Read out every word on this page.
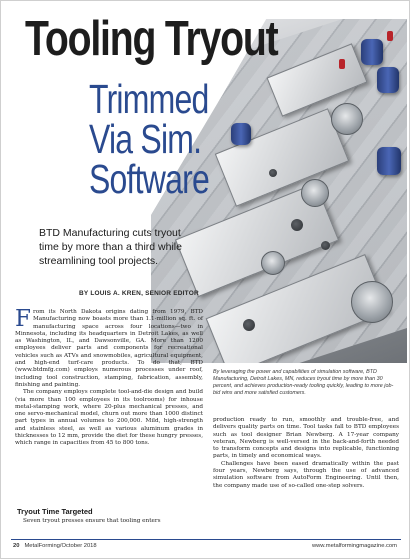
Tooling Tryout
Trimmed
Via Sim.
Software

BTD Manufacturing cuts tryout time by more than a third while streamlining tool projects.

BY LOUIS A. KREN, SENIOR EDITOR

By leveraging the power and capabilities of simulation software, BTD Manufacturing, Detroit Lakes, MN, reduces tryout time by more than 30 percent, and achieves production-ready tooling quickly, leading to more job-bid wins and more satisfied customers.

From its North Dakota origins dating from 1979, BTD Manufacturing now boasts more than 1.1-million sq. ft. of manufacturing space across four locations—two in Minnesota, including its headquarters in Detroit Lakes, as well as Washington, IL, and Dawsonville, GA. More than 1200 employees deliver parts and components for recreational vehicles such as ATVs and snowmobiles, agricultural equipment, and high-end turf-care products. To do that, BTD (www.btdmfg.com) employs numerous processes under roof, including tool construction, stamping, fabrication, assembly, finishing and painting.

The company employs complete tool-and-die design and build (via more than 100 employees in its toolrooms) for inhouse metal-stamping work, where 20-plus mechanical presses, and one servo-mechanical model, churn out more than 1000 distinct part types in annual volumes to 200,000. Mild, high-strength and stainless steel, as well as various aluminum grades in thicknesses to 12 mm, provide the diet for these hungry presses, which range in capacities from 45 to 800 tons.

Tryout Time Targeted

Seven tryout presses ensure that tooling enters

production ready to run, smoothly and trouble-free, and delivers quality parts on time. Tool tasks fall to BTD employees such as tool designer Brian Newberg. A 17-year company veteran, Newberg is well-versed in the back-and-forth needed to transform concepts and designs into replicable, functioning parts, in timely and economical ways.

Challenges have been eased dramatically within the past four years, Newberg says, through the use of advanced simulation software from AutoForm Engineering. Until then, the company made use of so-called one-step solvers.

20 MetalForming/October 2018	www.metalformingmagazine.com
